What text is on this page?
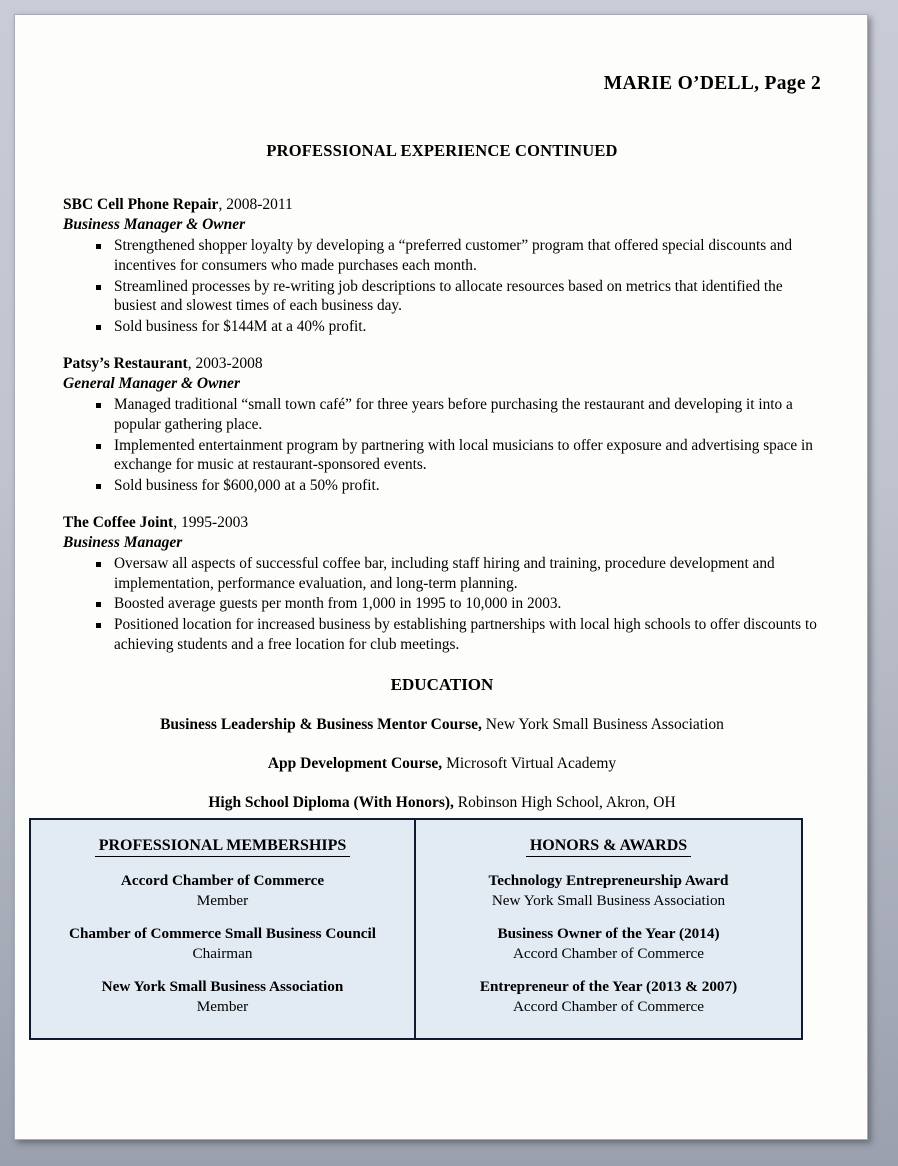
MARIE O’DELL, Page 2
PROFESSIONAL EXPERIENCE CONTINUED
SBC Cell Phone Repair, 2008-2011
Business Manager & Owner
Strengthened shopper loyalty by developing a “preferred customer” program that offered special discounts and incentives for consumers who made purchases each month.
Streamlined processes by re-writing job descriptions to allocate resources based on metrics that identified the busiest and slowest times of each business day.
Sold business for $144M at a 40% profit.
Patsy’s Restaurant, 2003-2008
General Manager & Owner
Managed traditional “small town café” for three years before purchasing the restaurant and developing it into a popular gathering place.
Implemented entertainment program by partnering with local musicians to offer exposure and advertising space in exchange for music at restaurant-sponsored events.
Sold business for $600,000 at a 50% profit.
The Coffee Joint, 1995-2003
Business Manager
Oversaw all aspects of successful coffee bar, including staff hiring and training, procedure development and implementation, performance evaluation, and long-term planning.
Boosted average guests per month from 1,000 in 1995 to 10,000 in 2003.
Positioned location for increased business by establishing partnerships with local high schools to offer discounts to achieving students and a free location for club meetings.
EDUCATION
Business Leadership & Business Mentor Course, New York Small Business Association
App Development Course, Microsoft Virtual Academy
High School Diploma (With Honors), Robinson High School, Akron, OH
PROFESSIONAL MEMBERSHIPS
Accord Chamber of Commerce
Member
Chamber of Commerce Small Business Council
Chairman
New York Small Business Association
Member
HONORS & AWARDS
Technology Entrepreneurship Award
New York Small Business Association
Business Owner of the Year (2014)
Accord Chamber of Commerce
Entrepreneur of the Year (2013 & 2007)
Accord Chamber of Commerce
